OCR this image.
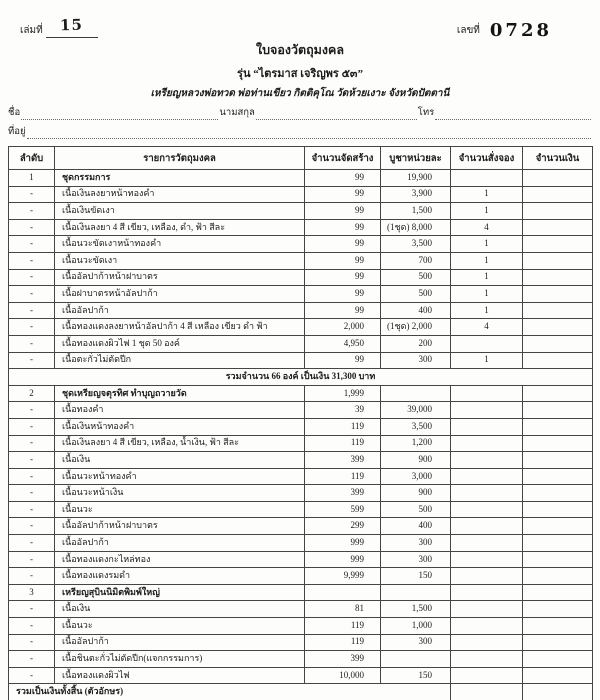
เล่มที่ 15	เลขที่ 0728
ใบจองวัตถุมงคล
รุ่น “ไตรมาส เจริญพร ๕๓”
เหรียญหลวงพ่อทวด พ่อท่านเขียว กิตติคุโณ วัดห้วยเงาะ จังหวัดปัตตานี
ชื่อ	นามสกุล	โทร
ที่อยู่
ลำดับ	รายการวัตถุมงคล	จำนวนจัดสร้าง	บูชาหน่วยละ	จำนวนสั่งจอง	จำนวนเงิน
1	ชุดกรรมการ	99	19,900		
-	เนื้อเงินลงยาหน้าทองคำ	99	3,900	1	
-	เนื้อเงินขัดเงา	99	1,500	1	
-	เนื้อเงินลงยา 4 สี เขียว, เหลือง, ดำ, ฟ้า สีละ	99	(1ชุด) 8,000	4	
-	เนื้อนวะขัดเงาหน้าทองคำ	99	3,500	1	
-	เนื้อนวะขัดเงา	99	700	1	
-	เนื้ออัลปาก้าหน้าฝาบาตร	99	500	1	
-	เนื้อฝาบาตรหน้าอัลปาก้า	99	500	1	
-	เนื้ออัลปาก้า	99	400	1	
-	เนื้อทองแดงลงยาหน้าอัลปาก้า 4 สี เหลือง เขียว ดำ ฟ้า	2,000	(1ชุด) 2,000	4	
-	เนื้อทองแดงผิวไฟ 1 ชุด 50 องค์	4,950	200		
-	เนื้อตะกั่วไม่ตัดปีก	99	300	1	
รวมจำนวน 66 องค์ เป็นเงิน 31,300 บาท					
2	ชุดเหรียญจตุรทิศ ทำบุญถวายวัด	1,999			
-	เนื้อทองคำ	39	39,000		
-	เนื้อเงินหน้าทองคำ	119	3,500		
-	เนื้อเงินลงยา 4 สี เขียว, เหลือง, น้ำเงิน, ฟ้า สีละ	119	1,200		
-	เนื้อเงิน	399	900		
-	เนื้อนวะหน้าทองคำ	119	3,000		
-	เนื้อนวะหน้าเงิน	399	900		
-	เนื้อนวะ	599	500		
-	เนื้ออัลปาก้าหน้าฝาบาตร	299	400		
-	เนื้ออัลปาก้า	999	300		
-	เนื้อทองแดงกะไหล่ทอง	999	300		
-	เนื้อทองแดงรมดำ	9,999	150		
3	เหรียญสุบินนิมิตพิมพ์ใหญ่				
-	เนื้อเงิน	81	1,500		
-	เนื้อนวะ	119	1,000		
-	เนื้ออัลปาก้า	119	300		
-	เนื้อชินตะกั่วไม่ตัดปีก(แจกกรรมการ)	399			
-	เนื้อทองแดงผิวไฟ	10,000	150		
รวมเป็นเงินทั้งสิ้น (ตัวอักษร)					
